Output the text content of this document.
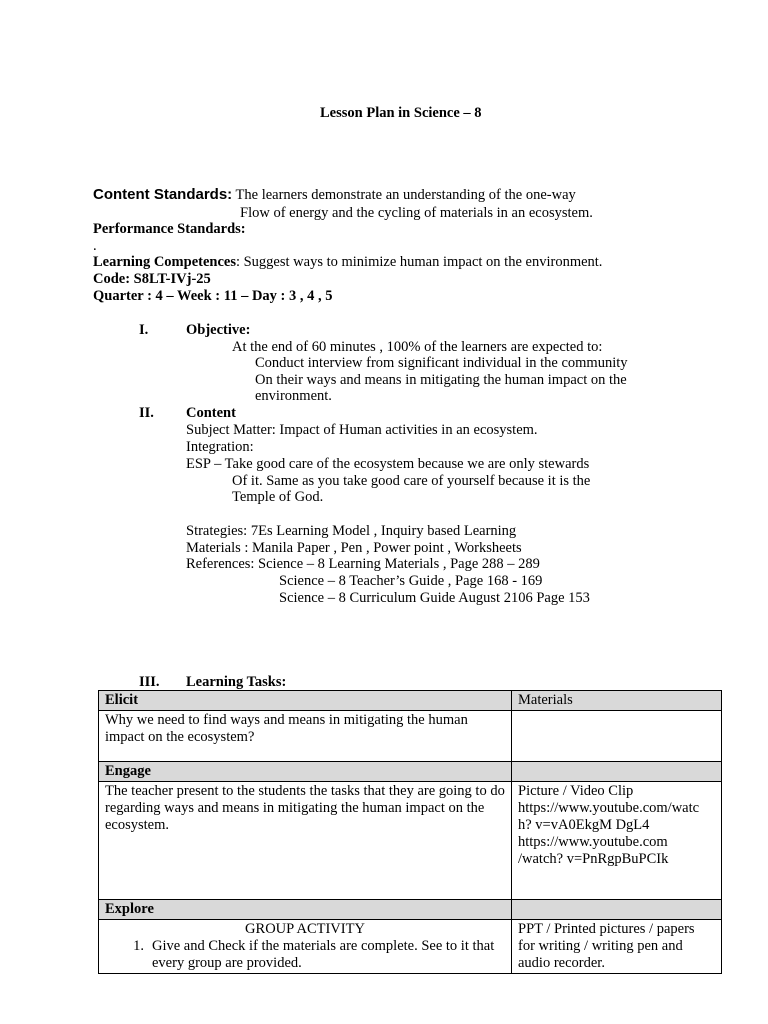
Lesson Plan in Science – 8
Content Standards: The learners demonstrate an understanding of the one-way
Flow of energy and the cycling of materials in an ecosystem.
Performance Standards:
.
Learning Competences: Suggest ways to minimize human impact on the environment.
Code: S8LT-IVj-25
Quarter : 4 – Week : 11 – Day : 3 , 4 , 5
I.	Objective:
At the end of 60 minutes , 100% of the learners are expected to:
Conduct interview from significant individual in the community
On their ways and means in mitigating the human impact on the
environment.
II. Content
Subject Matter: Impact of Human activities in an ecosystem.
Integration:
ESP – Take good care of the ecosystem because we are only stewards
Of it. Same as you take good care of yourself because it is the
Temple of God.
Strategies: 7Es Learning Model , Inquiry based Learning
Materials : Manila Paper , Pen , Power point , Worksheets
References: Science – 8 Learning Materials , Page 288 – 289
Science – 8 Teacher’s Guide , Page 168 - 169
Science – 8 Curriculum Guide August 2106 Page 153
III. Learning Tasks:
Elicit	Materials
Why we need to find ways and means in mitigating the human impact on the ecosystem?	
Engage	
The teacher present to the students the tasks that they are going to do regarding ways and means in mitigating the human impact on the ecosystem.	Picture / Video Clip
https://www.youtube.com/watc
h? v=vA0EkgM DgL4
https://www.youtube.com
/watch? v=PnRgpBuPCIk

Explore	

GROUP ACTIVITY
1. Give and Check if the materials are complete. See to it that every group are provided.	PPT / Printed pictures / papers for writing / writing pen and audio recorder.
